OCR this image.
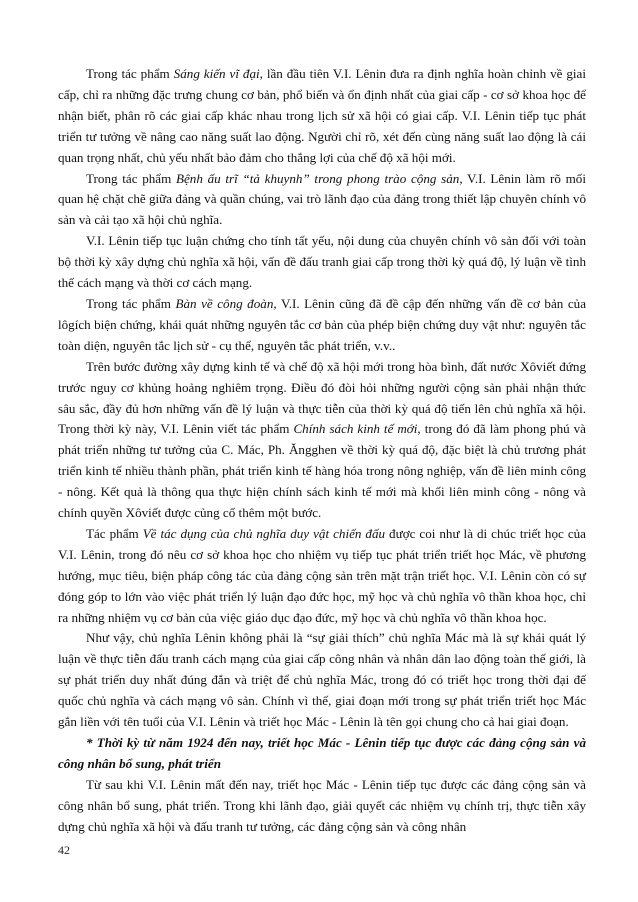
Trong tác phẩm Sáng kiến vĩ đại, lần đầu tiên V.I. Lênin đưa ra định nghĩa hoàn chỉnh về giai cấp, chỉ ra những đặc trưng chung cơ bản, phổ biến và ổn định nhất của giai cấp - cơ sở khoa học để nhận biết, phân rõ các giai cấp khác nhau trong lịch sử xã hội có giai cấp. V.I. Lênin tiếp tục phát triển tư tưởng về nâng cao năng suất lao động. Người chỉ rõ, xét đến cùng năng suất lao động là cái quan trọng nhất, chủ yếu nhất bảo đảm cho thắng lợi của chế độ xã hội mới.

Trong tác phẩm Bệnh ấu trĩ “tả khuynh” trong phong trào cộng sản, V.I. Lênin làm rõ mối quan hệ chặt chẽ giữa đảng và quần chúng, vai trò lãnh đạo của đảng trong thiết lập chuyên chính vô sản và cải tạo xã hội chủ nghĩa.

V.I. Lênin tiếp tục luận chứng cho tính tất yếu, nội dung của chuyên chính vô sản đối với toàn bộ thời kỳ xây dựng chủ nghĩa xã hội, vấn đề đấu tranh giai cấp trong thời kỳ quá độ, lý luận về tình thế cách mạng và thời cơ cách mạng.

Trong tác phẩm Bàn về công đoàn, V.I. Lênin cũng đã đề cập đến những vấn đề cơ bản của lôgích biện chứng, khái quát những nguyên tắc cơ bản của phép biện chứng duy vật như: nguyên tắc toàn diện, nguyên tắc lịch sử - cụ thể, nguyên tắc phát triển, v.v..

Trên bước đường xây dựng kinh tế và chế độ xã hội mới trong hòa bình, đất nước Xôviết đứng trước nguy cơ khủng hoảng nghiêm trọng. Điều đó đòi hỏi những người cộng sản phải nhận thức sâu sắc, đầy đủ hơn những vấn đề lý luận và thực tiễn của thời kỳ quá độ tiến lên chủ nghĩa xã hội. Trong thời kỳ này, V.I. Lênin viết tác phẩm Chính sách kinh tế mới, trong đó đã làm phong phú và phát triển những tư tưởng của C. Mác, Ph. Ăngghen về thời kỳ quá độ, đặc biệt là chủ trương phát triển kinh tế nhiều thành phần, phát triển kinh tế hàng hóa trong nông nghiệp, vấn đề liên minh công - nông. Kết quả là thông qua thực hiện chính sách kinh tế mới mà khối liên minh công - nông và chính quyền Xôviết được củng cố thêm một bước.

Tác phẩm Về tác dụng của chủ nghĩa duy vật chiến đấu được coi như là di chúc triết học của V.I. Lênin, trong đó nêu cơ sở khoa học cho nhiệm vụ tiếp tục phát triển triết học Mác, về phương hướng, mục tiêu, biện pháp công tác của đảng cộng sản trên mặt trận triết học. V.I. Lênin còn có sự đóng góp to lớn vào việc phát triển lý luận đạo đức học, mỹ học và chủ nghĩa vô thần khoa học, chỉ ra những nhiệm vụ cơ bản của việc giáo dục đạo đức, mỹ học và chủ nghĩa vô thần khoa học.

Như vậy, chủ nghĩa Lênin không phải là “sự giải thích” chủ nghĩa Mác mà là sự khái quát lý luận về thực tiễn đấu tranh cách mạng của giai cấp công nhân và nhân dân lao động toàn thế giới, là sự phát triển duy nhất đúng đắn và triệt để chủ nghĩa Mác, trong đó có triết học trong thời đại đế quốc chủ nghĩa và cách mạng vô sản. Chính vì thế, giai đoạn mới trong sự phát triển triết học Mác gắn liền với tên tuổi của V.I. Lênin và triết học Mác - Lênin là tên gọi chung cho cả hai giai đoạn.

* Thời kỳ từ năm 1924 đến nay, triết học Mác - Lênin tiếp tục được các đảng cộng sản và công nhân bổ sung, phát triển

Từ sau khi V.I. Lênin mất đến nay, triết học Mác - Lênin tiếp tục được các đảng cộng sản và công nhân bổ sung, phát triển. Trong khi lãnh đạo, giải quyết các nhiệm vụ chính trị, thực tiễn xây dựng chủ nghĩa xã hội và đấu tranh tư tưởng, các đảng cộng sản và công nhân

42
